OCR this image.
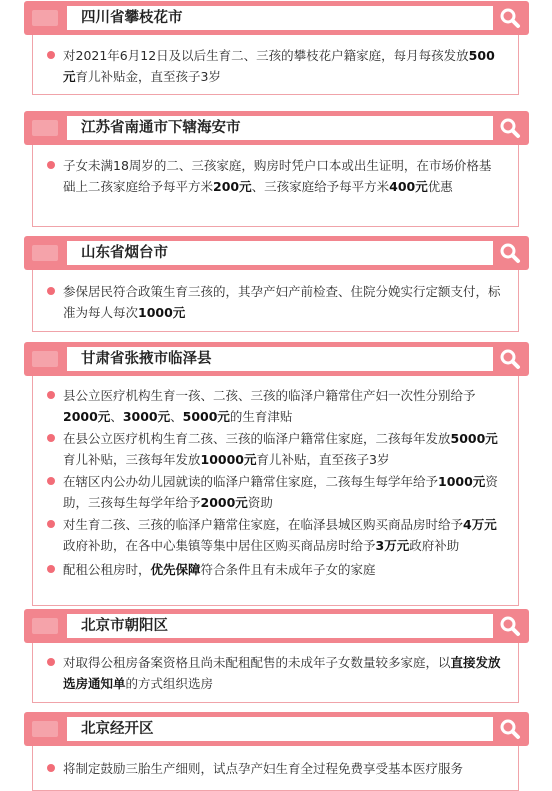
四川省攀枝花市
对2021年6月12日及以后生育二、三孩的攀枝花户籍家庭，每月每孩发放500元育儿补贴金，直至孩子3岁
江苏省南通市下辖海安市
子女未满18周岁的二、三孩家庭，购房时凭户口本或出生证明，在市场价格基础上二孩家庭给予每平方米200元、三孩家庭给予每平方米400元优惠
山东省烟台市
参保居民符合政策生育三孩的，其孕产妇产前检查、住院分娩实行定额支付，标准为每人每次1000元
甘肃省张掖市临泽县
县公立医疗机构生育一孩、二孩、三孩的临泽户籍常住产妇一次性分别给予2000元、3000元、5000元的生育津贴
在县公立医疗机构生育二孩、三孩的临泽户籍常住家庭，二孩每年发放5000元育儿补贴，三孩每年发放10000元育儿补贴，直至孩子3岁
在辖区内公办幼儿园就读的临泽户籍常住家庭，二孩每生每学年给予1000元资助，三孩每生每学年给予2000元资助
对生育二孩、三孩的临泽户籍常住家庭，在临泽县城区购买商品房时给予4万元政府补助，在各中心集镇等集中居住区购买商品房时给予3万元政府补助
配租公租房时，优先保障符合条件且有未成年子女的家庭
北京市朝阳区
对取得公租房备案资格且尚未配租配售的未成年子女数量较多家庭，以直接发放选房通知单的方式组织选房
北京经开区
将制定鼓励三胎生产细则，试点孕产妇生育全过程免费享受基本医疗服务
